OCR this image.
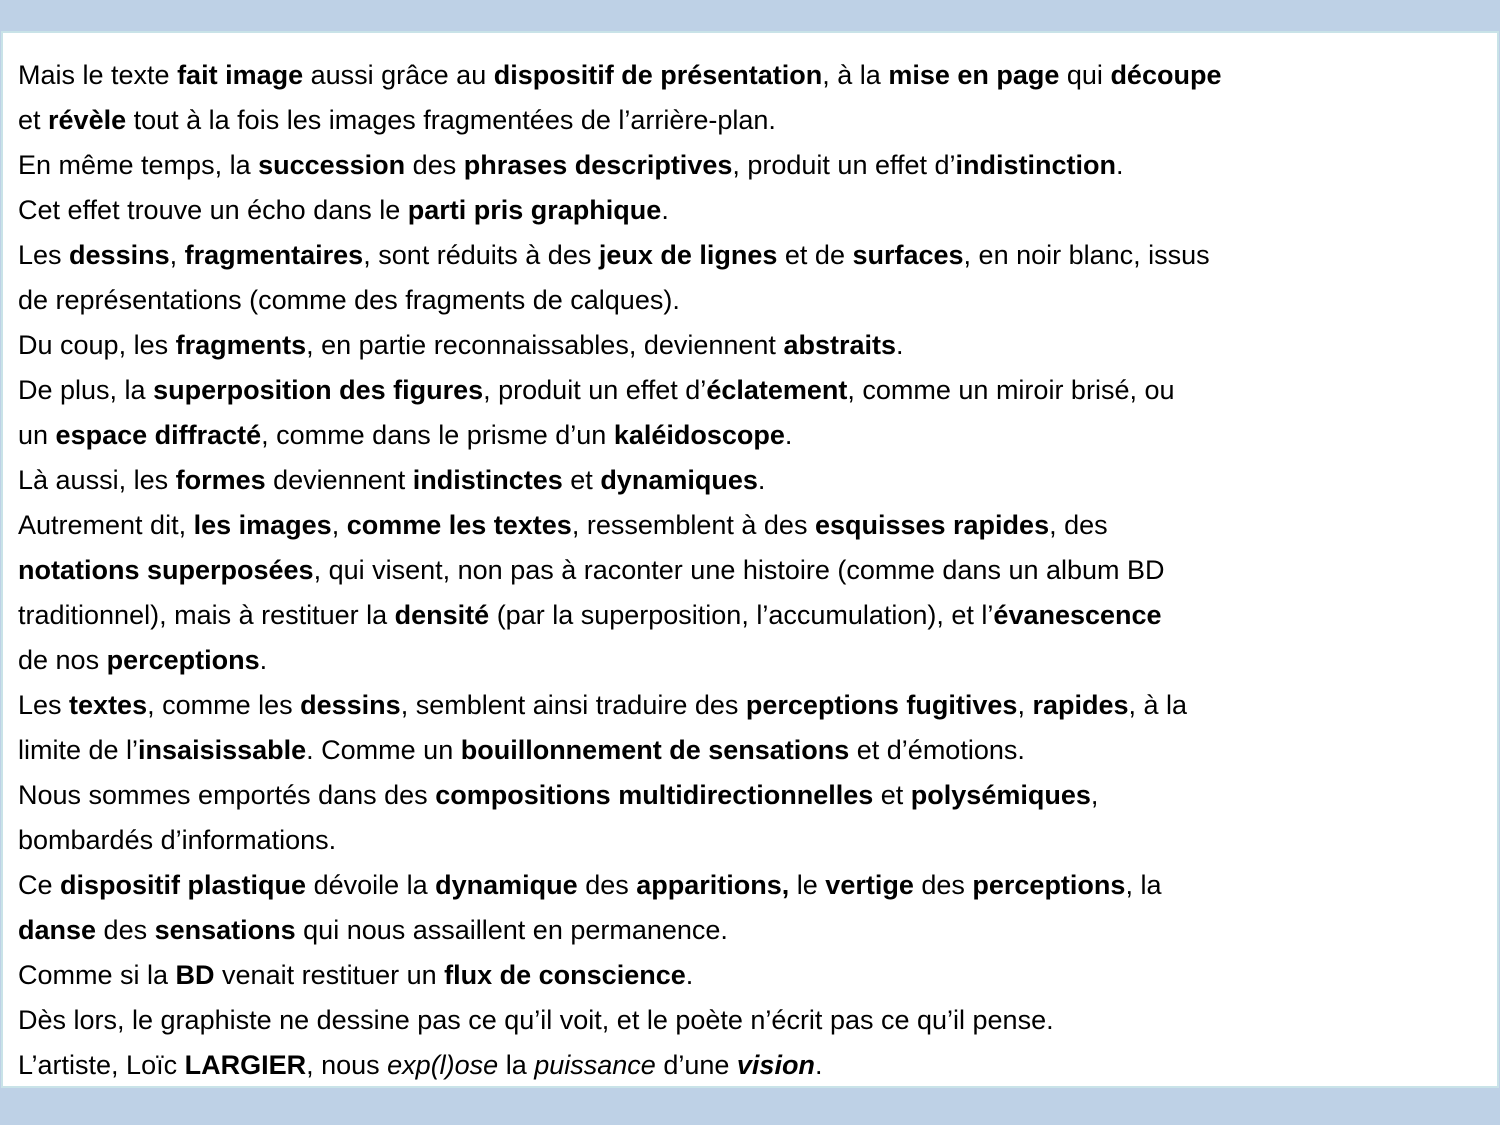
Mais le texte fait image aussi grâce au dispositif de présentation, à la mise en page qui découpe
et révèle tout à la fois les images fragmentées de l’arrière-plan.
En même temps, la succession des phrases descriptives, produit un effet d’indistinction.
Cet effet trouve un écho dans le parti pris graphique.
Les dessins, fragmentaires, sont réduits à des jeux de lignes et de surfaces, en noir blanc, issus
de représentations (comme des fragments de calques).
Du coup, les fragments, en partie reconnaissables, deviennent abstraits.
De plus, la superposition des figures, produit un effet d’éclatement, comme un miroir brisé, ou
un espace diffracté, comme dans le prisme d’un kaléidoscope.
Là aussi, les formes deviennent indistinctes et dynamiques.
Autrement dit, les images, comme les textes, ressemblent à des esquisses rapides, des
notations superposées, qui visent, non pas à raconter une histoire (comme dans un album BD
traditionnel), mais à restituer la densité (par la superposition, l’accumulation), et l’évanescence
de nos perceptions.
Les textes, comme les dessins, semblent ainsi traduire des perceptions fugitives, rapides, à la
limite de l’insaisissable. Comme un bouillonnement de sensations et d’émotions.
Nous sommes emportés dans des compositions multidirectionnelles et polysémiques,
bombardés d’informations.
Ce dispositif plastique dévoile la dynamique des apparitions, le vertige des perceptions, la
danse des sensations qui nous assaillent en permanence.
Comme si la BD venait restituer un flux de conscience.
Dès lors, le graphiste ne dessine pas ce qu’il voit, et le poète n’écrit pas ce qu’il pense.
L’artiste, Loïc LARGIER, nous exp(l)ose la puissance d’une vision.
